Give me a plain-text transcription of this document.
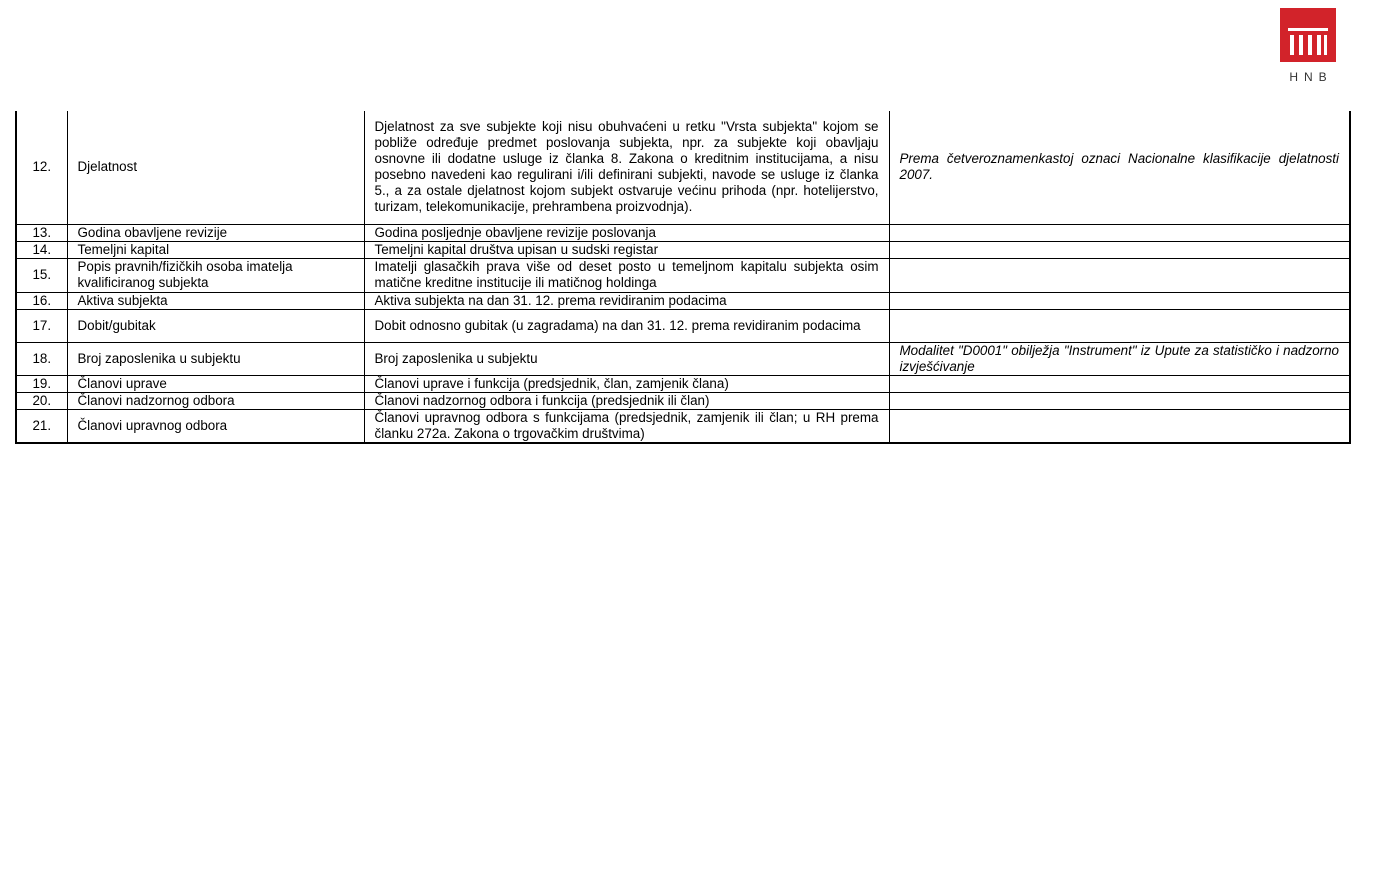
HNB
12.	Djelatnost	Djelatnost za sve subjekte koji nisu obuhvaćeni u retku "Vrsta subjekta" kojom se pobliže određuje predmet poslovanja subjekta, npr. za subjekte koji obavljaju osnovne ili dodatne usluge iz članka 8. Zakona o kreditnim institucijama, a nisu posebno navedeni kao regulirani i/ili definirani subjekti, navode se usluge iz članka 5., a za ostale djelatnost kojom subjekt ostvaruje većinu prihoda (npr. hotelijerstvo, turizam, telekomunikacije, prehrambena proizvodnja).	Prema četveroznamenkastoj oznaci Nacionalne klasifikacije djelatnosti 2007.
13.	Godina obavljene revizije	Godina posljednje obavljene revizije poslovanja	
14.	Temeljni kapital	Temeljni kapital društva upisan u sudski registar	
15.	Popis pravnih/fizičkih osoba imatelja kvalificiranog subjekta	Imatelji glasačkih prava više od deset posto u temeljnom kapitalu subjekta osim matične kreditne institucije ili matičnog holdinga	
16.	Aktiva subjekta	Aktiva subjekta na dan 31. 12. prema revidiranim podacima	
17.	Dobit/gubitak	Dobit odnosno gubitak (u zagradama) na dan 31. 12. prema revidiranim podacima	
18.	Broj zaposlenika u subjektu	Broj zaposlenika u subjektu	Modalitet "D0001" obilježja "Instrument" iz Upute za statističko i nadzorno izvješćivanje
19.	Članovi uprave	Članovi uprave i funkcija (predsjednik, član, zamjenik člana)	
20.	Članovi nadzornog odbora	Članovi nadzornog odbora i funkcija (predsjednik ili član)	
21.	Članovi upravnog odbora	Članovi upravnog odbora s funkcijama (predsjednik, zamjenik ili član; u RH prema članku 272a. Zakona o trgovačkim društvima)	
